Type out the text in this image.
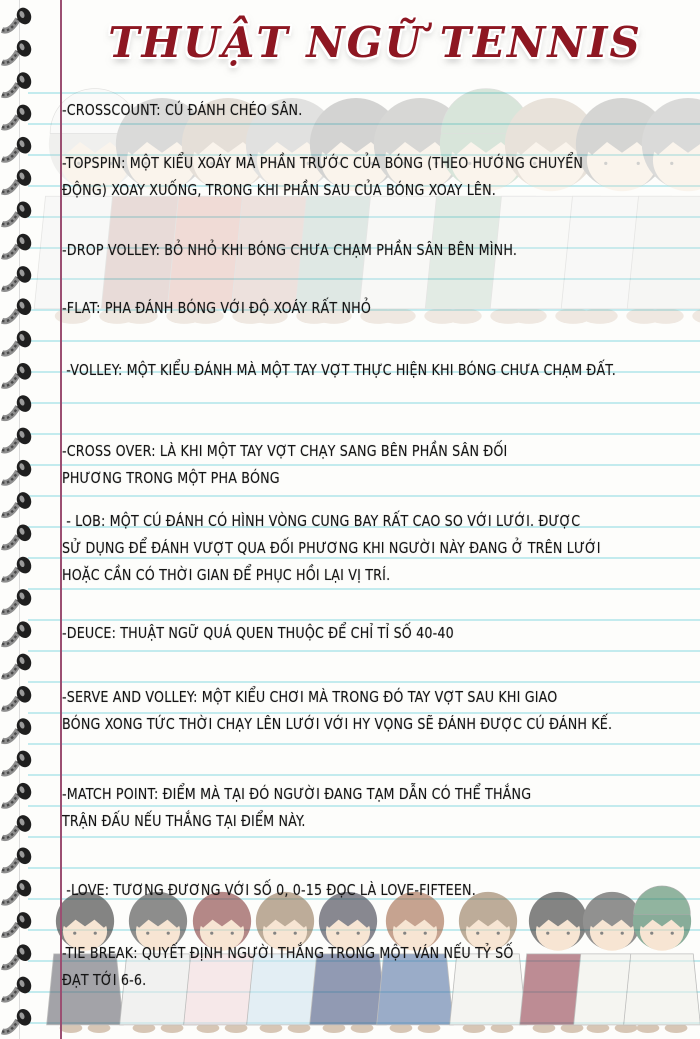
THUẬT NGỮ TENNIS
-CROSSCOUNT: CÚ ĐÁNH CHÉO SÂN.
-TOPSPIN: MỘT KIỂU XOÁY MÀ PHẦN TRƯỚC CỦA BÓNG (THEO HƯỚNG CHUYỂN
ĐỘNG) XOAY XUỐNG, TRONG KHI PHẦN SAU CỦA BÓNG XOAY LÊN.
-DROP VOLLEY: BỎ NHỎ KHI BÓNG CHƯA CHẠM PHẦN SÂN BÊN MÌNH.
-FLAT: PHA ĐÁNH BÓNG VỚI ĐỘ XOÁY RẤT NHỎ
-VOLLEY: MỘT KIỂU ĐÁNH MÀ MỘT TAY VỢT THỰC HIỆN KHI BÓNG CHƯA CHẠM ĐẤT.
-CROSS OVER: LÀ KHI MỘT TAY VỢT CHẠY SANG BÊN PHẦN SÂN ĐỐI
PHƯƠNG TRONG MỘT PHA BÓNG
- LOB: MỘT CÚ ĐÁNH CÓ HÌNH VÒNG CUNG BAY RẤT CAO SO VỚI LƯỚI. ĐƯỢC
SỬ DỤNG ĐỂ ĐÁNH VƯỢT QUA ĐỐI PHƯƠNG KHI NGƯỜI NÀY ĐANG Ở TRÊN LƯỚI
HOẶC CẦN CÓ THỜI GIAN ĐỂ PHỤC HỒI LẠI VỊ TRÍ.
-DEUCE: THUẬT NGỮ QUÁ QUEN THUỘC ĐỂ CHỈ TỈ SỐ 40-40
-SERVE AND VOLLEY: MỘT KIỂU CHƠI MÀ TRONG ĐÓ TAY VỢT SAU KHI GIAO
BÓNG XONG TỨC THỜI CHẠY LÊN LƯỚI VỚI HY VỌNG SẼ ĐÁNH ĐƯỢC CÚ ĐÁNH KẾ.
-MATCH POINT: ĐIỂM MÀ TẠI ĐÓ NGƯỜI ĐANG TẠM DẪN CÓ THỂ THẮNG
TRẬN ĐẤU NẾU THẮNG TẠI ĐIỂM NÀY.
-LOVE: TƯƠNG ĐƯƠNG VỚI SỐ 0, 0-15 ĐỌC LÀ LOVE-FIFTEEN.
-TIE BREAK: QUYẾT ĐỊNH NGƯỜI THẮNG TRONG MỘT VÁN NẾU TỶ SỐ
ĐẠT TỚI 6-6.
